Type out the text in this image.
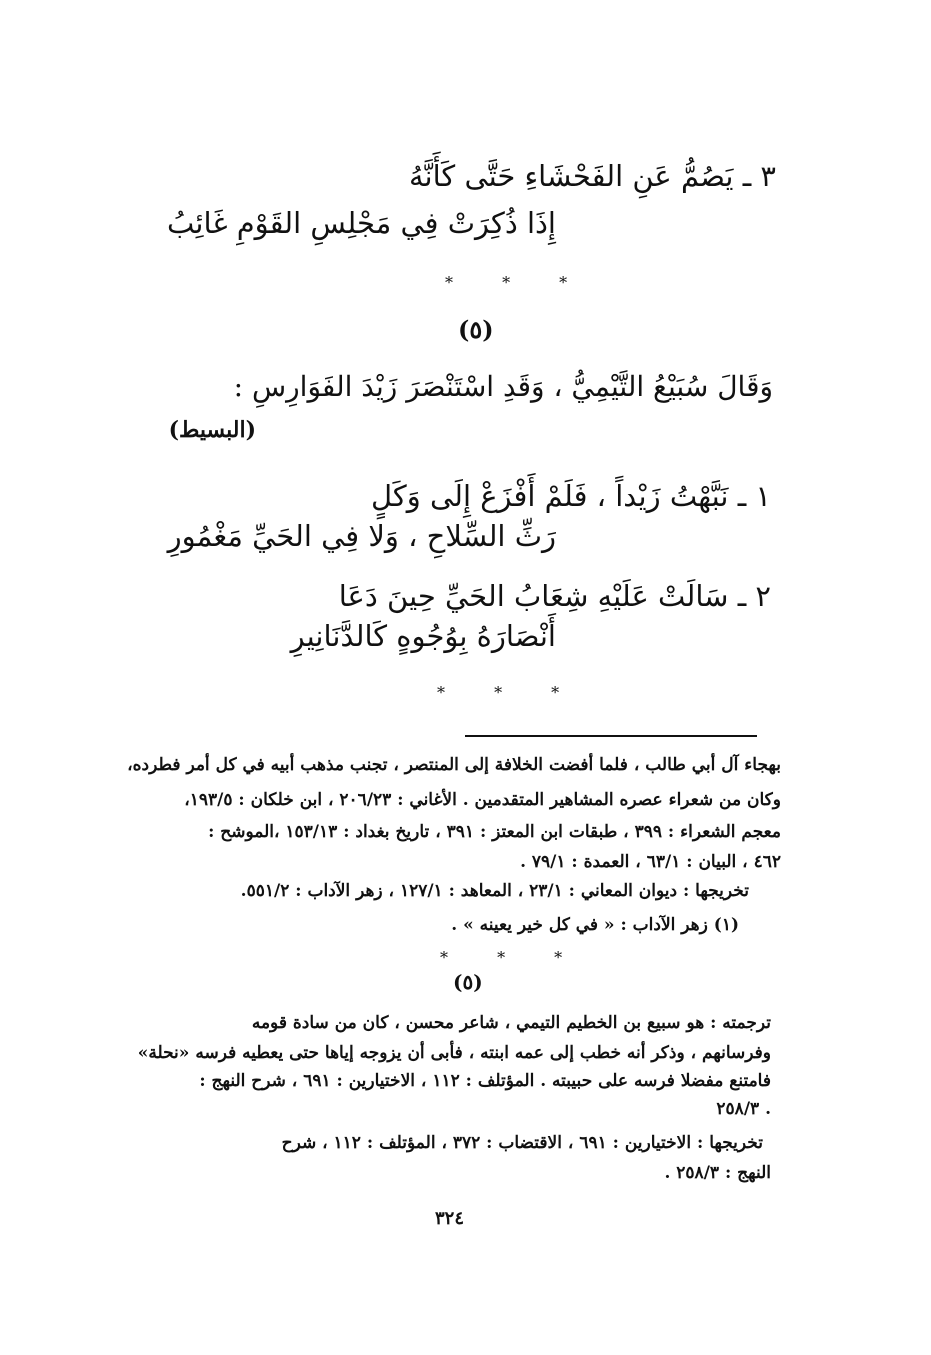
٣ ـ يَصُمُّ عَنِ الفَحْشَاءِ حَتَّى كَأَنَّهُ
إِذَا ذُكِرَتْ فِي مَجْلِسِ القَوْمِ غَائِبُ
* * *
(٥)
وَقَالَ سُبَيْعُ التَّيْمِيُّ ، وَقَدِ اسْتَنْصَرَ زَيْدَ الفَوَارِسِ :
(البسيط)
١ ـ نَبَّهْتُ زَيْداً ، فَلَمْ أَفْزَعْ إِلَى وَكَلٍ
رَثِّ السِّلاحِ ، وَلا فِي الحَيِّ مَغْمُورِ
٢ ـ سَالَتْ عَلَيْهِ شِعَابُ الحَيِّ حِينَ دَعَا
أَنْصَارَهُ بِوُجُوهٍ كَالدَّنَانِيرِ
* * *
بهجاء آل أبي طالب ، فلما أفضت الخلافة إلى المنتصر ، تجنب مذهب أبيه في كل أمر فطرده،
وكان من شعراء عصره المشاهير المتقدمين . الأغاني : ٢٠٦/٢٣ ، ابن خلكان : ١٩٣/٥،
معجم الشعراء : ٣٩٩ ، طبقات ابن المعتز : ٣٩١ ، تاريخ بغداد : ١٥٣/١٣ ،الموشح :
٤٦٢ ، البيان : ٦٣/١ ، العمدة : ٧٩/١ .
تخريجها : ديوان المعاني : ٢٣/١ ، المعاهد : ١٢٧/١ ، زهر الآداب : ٥٥١/٢.
(١) زهر الآداب : « في كل خير يعينه » .
* * *
(٥)
ترجمته : هو سبيع بن الخطيم التيمي ، شاعر محسن ، كان من سادة قومه
وفرسانهم ، وذكر أنه خطب إلى عمه ابنته ، فأبى أن يزوجه إياها حتى يعطيه فرسه «نحلة»
فامتنع مفضلا فرسه على حبيبته . المؤتلف : ١١٢ ، الاختيارين : ٦٩١ ، شرح النهج :
. ٢٥٨/٣
تخريجها : الاختيارين : ٦٩١ ، الاقتضاب : ٣٧٢ ، المؤتلف : ١١٢ ، شرح
النهج : ٢٥٨/٣ .
٣٢٤
